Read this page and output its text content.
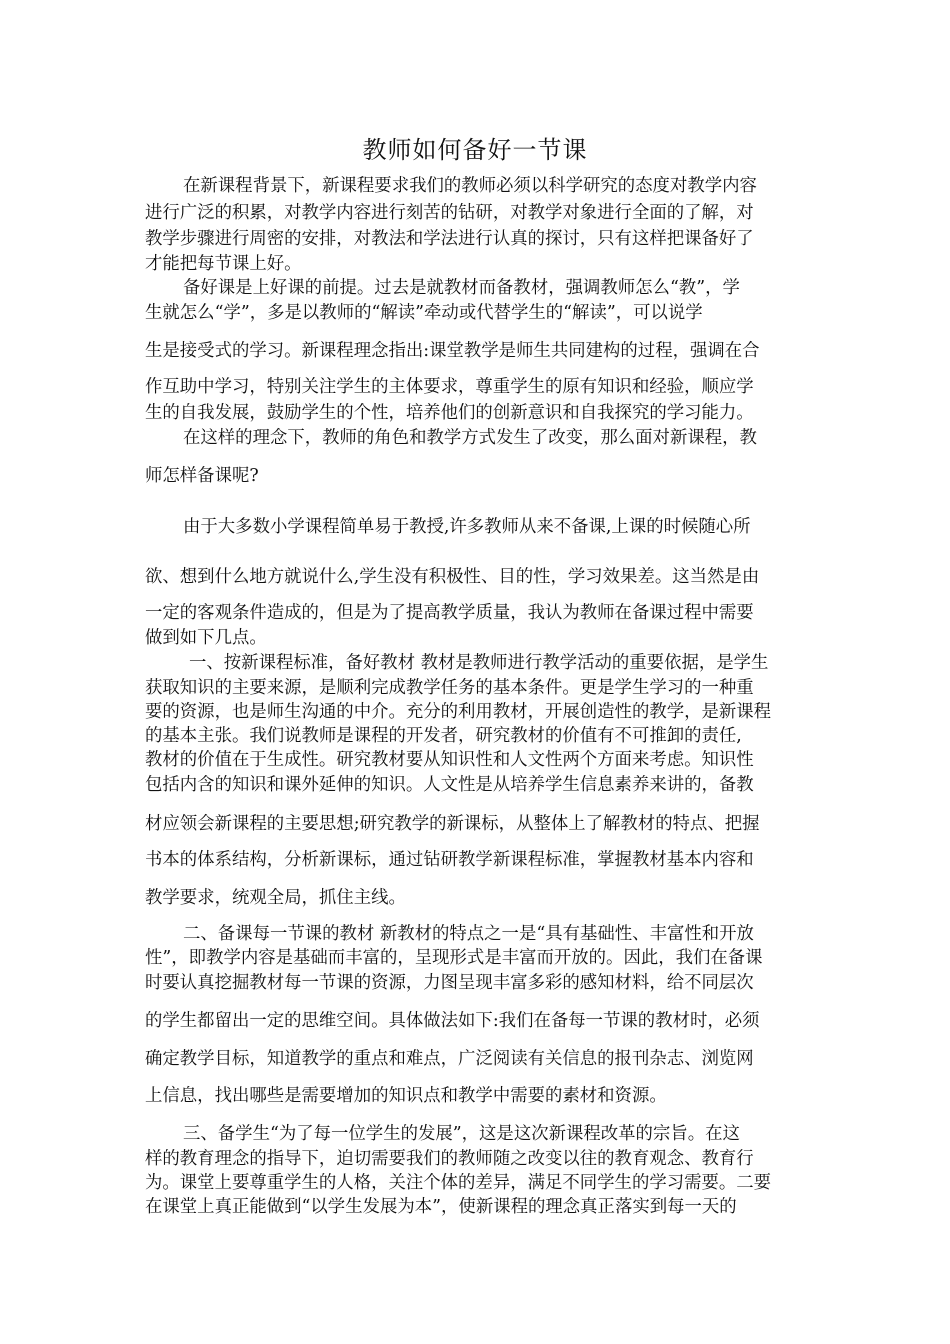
教师如何备好一节课
在新课程背景下，新课程要求我们的教师必须以科学研究的态度对教学内容
进行广泛的积累，对教学内容进行刻苦的钻研，对教学对象进行全面的了解，对
教学步骤进行周密的安排，对教法和学法进行认真的探讨，只有这样把课备好了
才能把每节课上好。
备好课是上好课的前提。过去是就教材而备教材，强调教师怎么“教”，学
生就怎么“学”，多是以教师的“解读”牵动或代替学生的“解读”，可以说学
生是接受式的学习。新课程理念指出:课堂教学是师生共同建构的过程，强调在合
作互助中学习，特别关注学生的主体要求，尊重学生的原有知识和经验，顺应学
生的自我发展，鼓励学生的个性，培养他们的创新意识和自我探究的学习能力。
在这样的理念下，教师的角色和教学方式发生了改变，那么面对新课程，教
师怎样备课呢?
由于大多数小学课程简单易于教授,许多教师从来不备课,上课的时候随心所
欲、想到什么地方就说什么,学生没有积极性、目的性，学习效果差。这当然是由
一定的客观条件造成的，但是为了提高教学质量，我认为教师在备课过程中需要
做到如下几点。
一、按新课程标准，备好教材 教材是教师进行教学活动的重要依据，是学生
获取知识的主要来源，是顺利完成教学任务的基本条件。更是学生学习的一种重
要的资源，也是师生沟通的中介。充分的利用教材，开展创造性的教学，是新课程
的基本主张。我们说教师是课程的开发者，研究教材的价值有不可推卸的责任,
教材的价值在于生成性。研究教材要从知识性和人文性两个方面来考虑。知识性
包括内含的知识和课外延伸的知识。人文性是从培养学生信息素养来讲的，备教
材应领会新课程的主要思想;研究教学的新课标，从整体上了解教材的特点、把握
书本的体系结构，分析新课标，通过钻研教学新课程标准，掌握教材基本内容和
教学要求，统观全局，抓住主线。
二、备课每一节课的教材 新教材的特点之一是“具有基础性、丰富性和开放
性”，即教学内容是基础而丰富的，呈现形式是丰富而开放的。因此，我们在备课
时要认真挖掘教材每一节课的资源，力图呈现丰富多彩的感知材料，给不同层次
的学生都留出一定的思维空间。具体做法如下:我们在备每一节课的教材时，必须
确定教学目标，知道教学的重点和难点，广泛阅读有关信息的报刊杂志、浏览网
上信息，找出哪些是需要增加的知识点和教学中需要的素材和资源。
三、备学生“为了每一位学生的发展”，这是这次新课程改革的宗旨。在这
样的教育理念的指导下，迫切需要我们的教师随之改变以往的教育观念、教育行
为。课堂上要尊重学生的人格，关注个体的差异，满足不同学生的学习需要。二要
在课堂上真正能做到“以学生发展为本”，使新课程的理念真正落实到每一天的
